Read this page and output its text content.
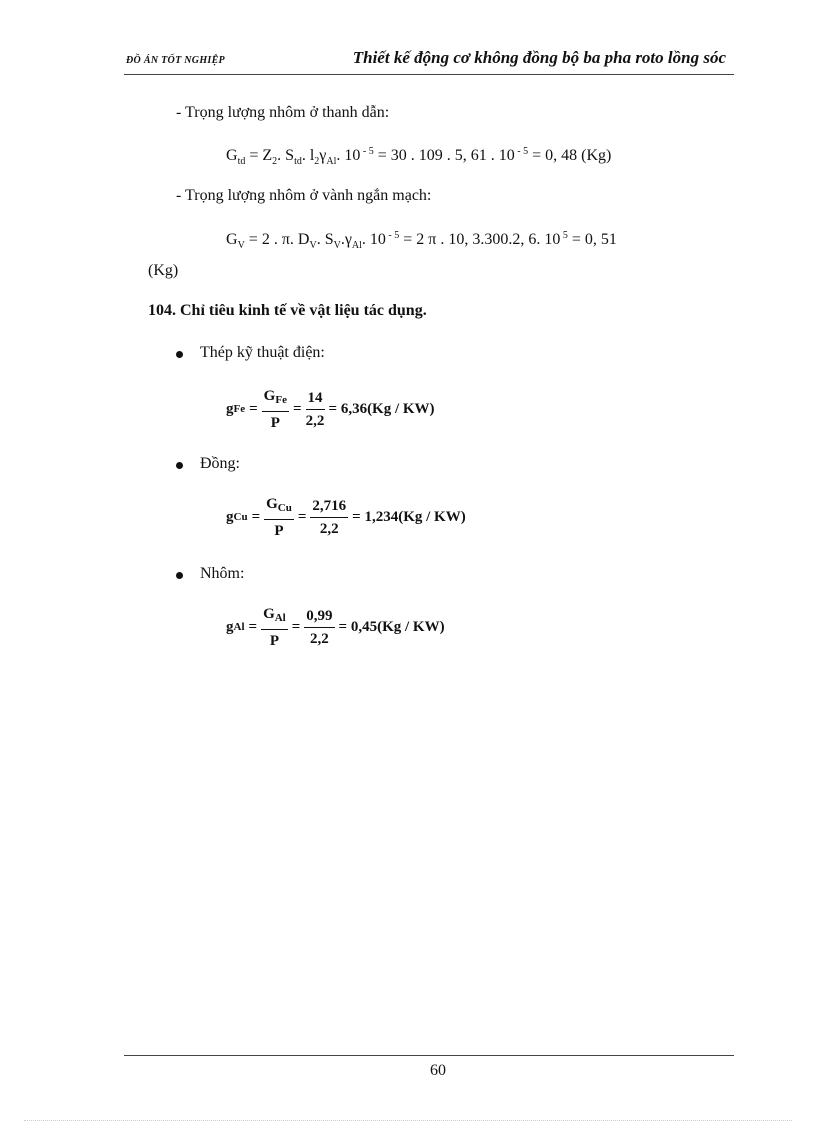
ĐỒ ÁN TỐT NGHIỆP	Thiết kế động cơ không đồng bộ ba pha roto lồng sóc
- Trọng lượng nhôm ở thanh dẫn:
$G_{td} = Z_2$. $S_{td}$. $l_2\gamma_{Al}$. 10 $^{- 5}$ = 30 . 109 . 5, 61 . 10 $^{- 5}$ = 0, 48 (Kg)
- Trọng lượng nhôm ở vành ngắn mạch:
$G_V = 2$ . π. $D_V$. $S_V.\gamma_{Al}$. 10 $^{- 5}$ = 2 π . 10, 3.300.2, 6. 10 $^5$ = 0, 51
(Kg)
104. Chỉ tiêu kinh tế về vật liệu tác dụng.
Thép kỹ thuật điện:
g $Fe = \frac{G_{Fe}}{P} = \frac{14}{2,2} = 6,36(Kg / KW)$
Đồng:
g $Cu = \frac{G_{Cu}}{P} = \frac{2,716}{2,2} = 1,234(Kg / KW)$
Nhôm:
g $Al = \frac{G_{Al}}{P} = \frac{0,99}{2,2} = 0,45(Kg / KW)$
60
